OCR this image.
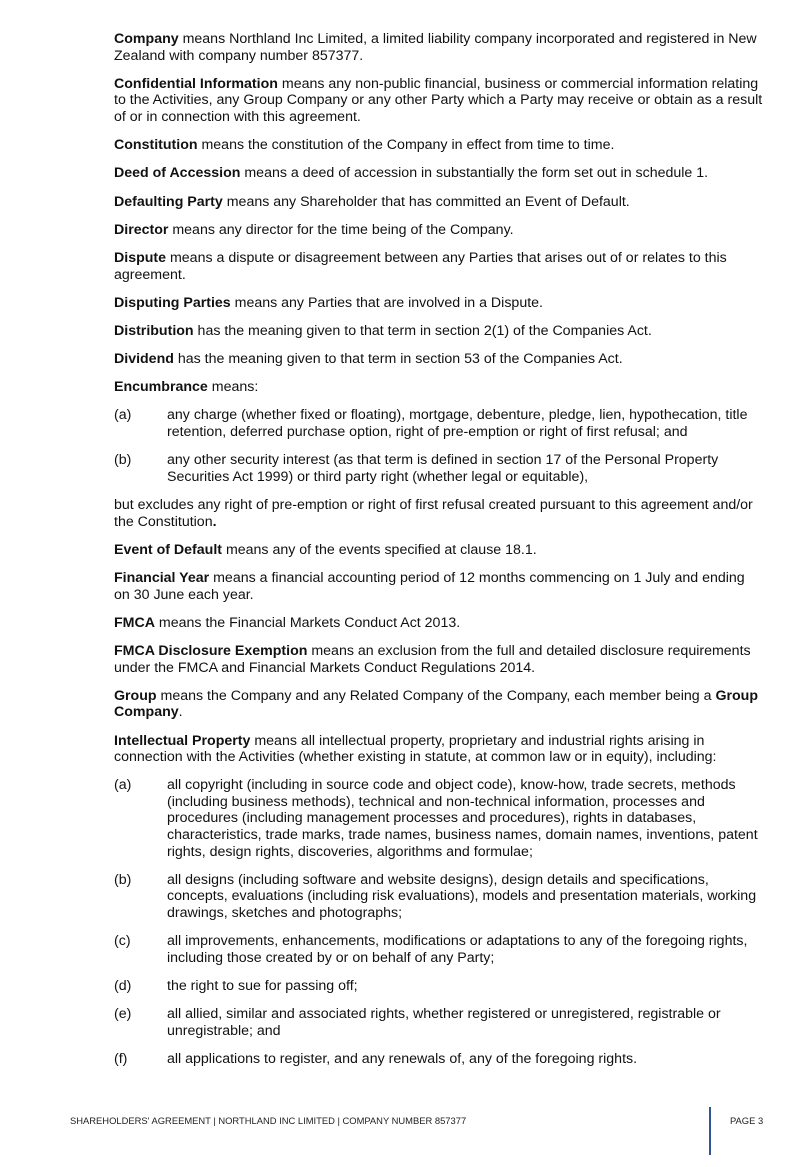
Company means Northland Inc Limited, a limited liability company incorporated and registered in New Zealand with company number 857377.

Confidential Information means any non-public financial, business or commercial information relating to the Activities, any Group Company or any other Party which a Party may receive or obtain as a result of or in connection with this agreement.

Constitution means the constitution of the Company in effect from time to time.

Deed of Accession means a deed of accession in substantially the form set out in schedule 1.

Defaulting Party means any Shareholder that has committed an Event of Default.

Director means any director for the time being of the Company.

Dispute means a dispute or disagreement between any Parties that arises out of or relates to this agreement.

Disputing Parties means any Parties that are involved in a Dispute.

Distribution has the meaning given to that term in section 2(1) of the Companies Act.

Dividend has the meaning given to that term in section 53 of the Companies Act.

Encumbrance means:

(a)	any charge (whether fixed or floating), mortgage, debenture, pledge, lien, hypothecation, title retention, deferred purchase option, right of pre-emption or right of first refusal; and
(b)	any other security interest (as that term is defined in section 17 of the Personal Property Securities Act 1999) or third party right (whether legal or equitable),

but excludes any right of pre-emption or right of first refusal created pursuant to this agreement and/or the Constitution.

Event of Default means any of the events specified at clause 18.1.

Financial Year means a financial accounting period of 12 months commencing on 1 July and ending on 30 June each year.

FMCA means the Financial Markets Conduct Act 2013.

FMCA Disclosure Exemption means an exclusion from the full and detailed disclosure requirements under the FMCA and Financial Markets Conduct Regulations 2014.

Group means the Company and any Related Company of the Company, each member being a Group Company.

Intellectual Property means all intellectual property, proprietary and industrial rights arising in connection with the Activities (whether existing in statute, at common law or in equity), including:

(a)	all copyright (including in source code and object code), know-how, trade secrets, methods (including business methods), technical and non-technical information, processes and procedures (including management processes and procedures), rights in databases, characteristics, trade marks, trade names, business names, domain names, inventions, patent rights, design rights, discoveries, algorithms and formulae;
(b)	all designs (including software and website designs), design details and specifications, concepts, evaluations (including risk evaluations), models and presentation materials, working drawings, sketches and photographs;
(c)	all improvements, enhancements, modifications or adaptations to any of the foregoing rights, including those created by or on behalf of any Party;
(d)	the right to sue for passing off;
(e)	all allied, similar and associated rights, whether registered or unregistered, registrable or unregistrable; and
(f)	all applications to register, and any renewals of, any of the foregoing rights.
SHAREHOLDERS' AGREEMENT | NORTHLAND INC LIMITED | COMPANY NUMBER 857377	PAGE 3
